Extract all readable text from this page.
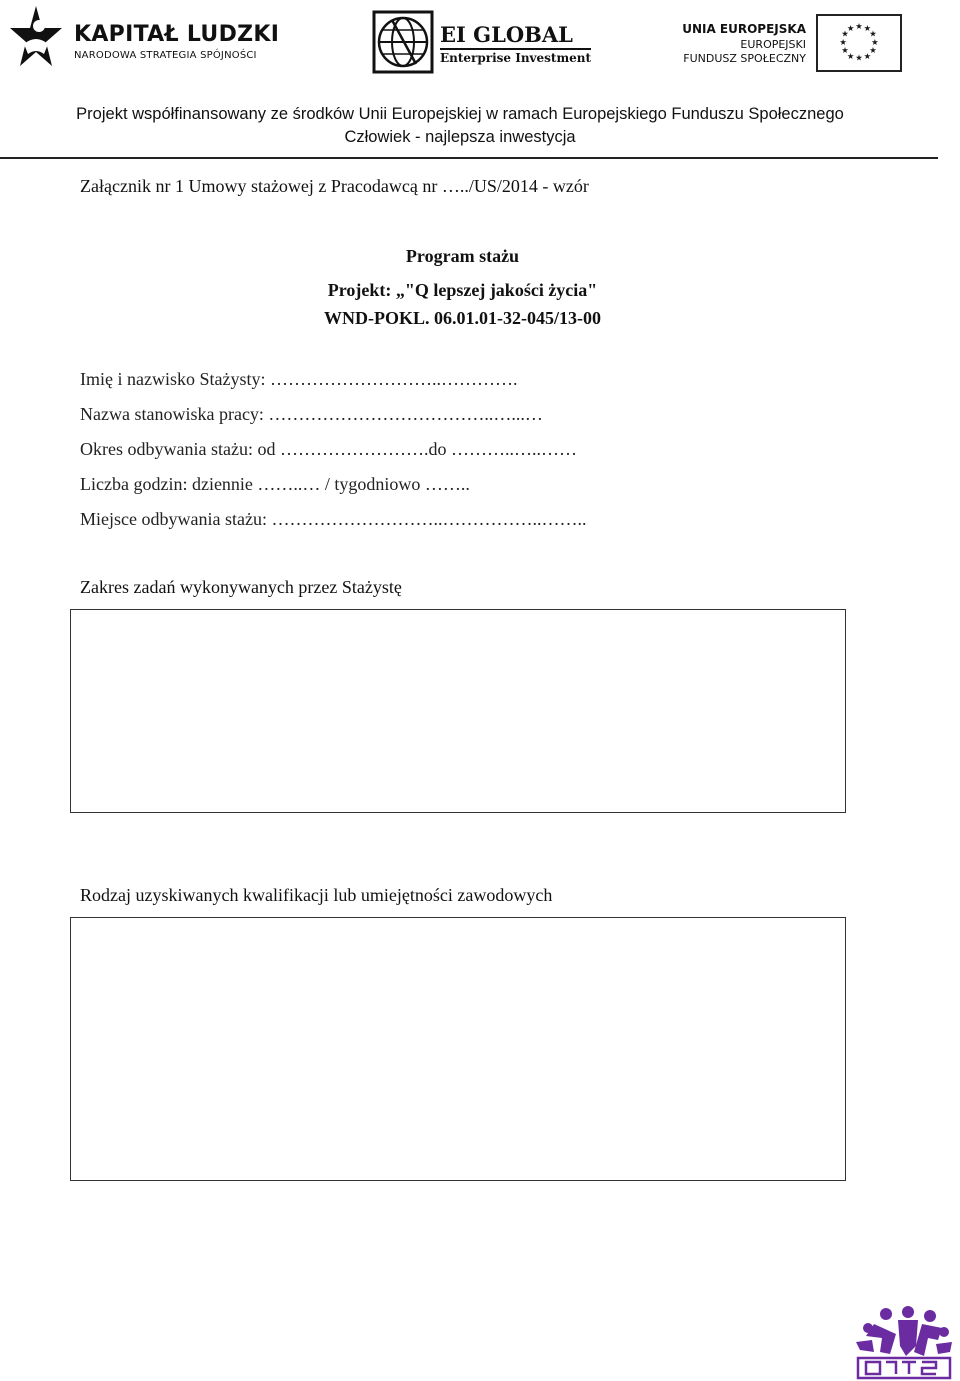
KAPITAŁ LUDZKI
NARODOWA STRATEGIA SPÓJNOŚCI
EI GLOBAL
Enterprise Investment
UNIA EUROPEJSKA
EUROPEJSKI
FUNDUSZ SPOŁECZNY
★ ★
★
★
★
★
★
★
★
★
★
★
Projekt współfinansowany ze środków Unii Europejskiej w ramach Europejskiego Funduszu Społecznego
Człowiek - najlepsza inwestycja
Załącznik nr 1 Umowy stażowej z Pracodawcą nr …../US/2014 - wzór
Program stażu
Projekt: „"Q lepszej jakości życia"
WND-POKL. 06.01.01-32-045/13-00
Imię i nazwisko Stażysty: ………………………..………….
Nazwa stanowiska pracy: ………………………………..…...…
Okres odbywania stażu: od …………………….do ………..…..……
Liczba godzin: dziennie ……..… / tygodniowo ……..
Miejsce odbywania stażu: ………………………..……………..……..
Zakres zadań wykonywanych przez Stażystę
Rodzaj uzyskiwanych kwalifikacji lub umiejętności zawodowych
